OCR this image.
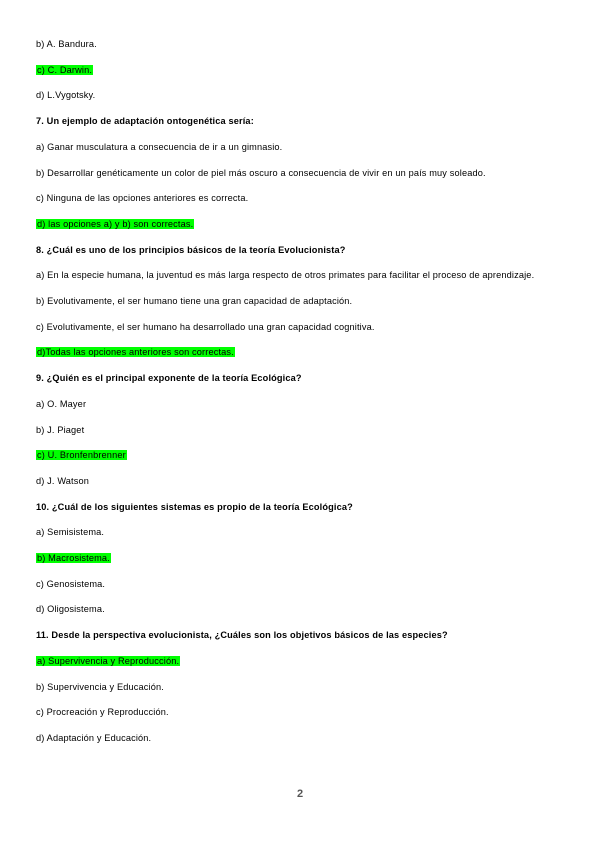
2
b) A. Bandura.
c) C. Darwin.
d) L.Vygotsky.
7. Un ejemplo de adaptación ontogenética sería:
a) Ganar musculatura a consecuencia de ir a un gimnasio.
b) Desarrollar genéticamente un color de piel más oscuro a consecuencia de vivir en un país muy soleado.
c) Ninguna de las opciones anteriores es correcta.
d) las opciones a) y b) son correctas.
8. ¿Cuál es uno de los principios básicos de la teoría Evolucionista?
a) En la especie humana, la juventud es más larga respecto de otros primates para facilitar el proceso de aprendizaje.
b) Evolutivamente, el ser humano tiene una gran capacidad de adaptación.
c) Evolutivamente, el ser humano ha desarrollado una gran capacidad cognitiva.
d)Todas las opciones anteriores son correctas.
9. ¿Quién es el principal exponente de la teoría Ecológica?
a) O. Mayer
b) J. Piaget
c) U. Bronfenbrenner
d) J. Watson
10. ¿Cuál de los siguientes sistemas es propio de la teoría Ecológica?
a) Semisistema.
b) Macrosistema.
c) Genosistema.
d) Oligosistema.
11. Desde la perspectiva evolucionista, ¿Cuáles son los objetivos básicos de las especies?
a) Supervivencia y Reproducción.
b) Supervivencia y Educación.
c) Procreación y Reproducción.
d) Adaptación y Educación.
